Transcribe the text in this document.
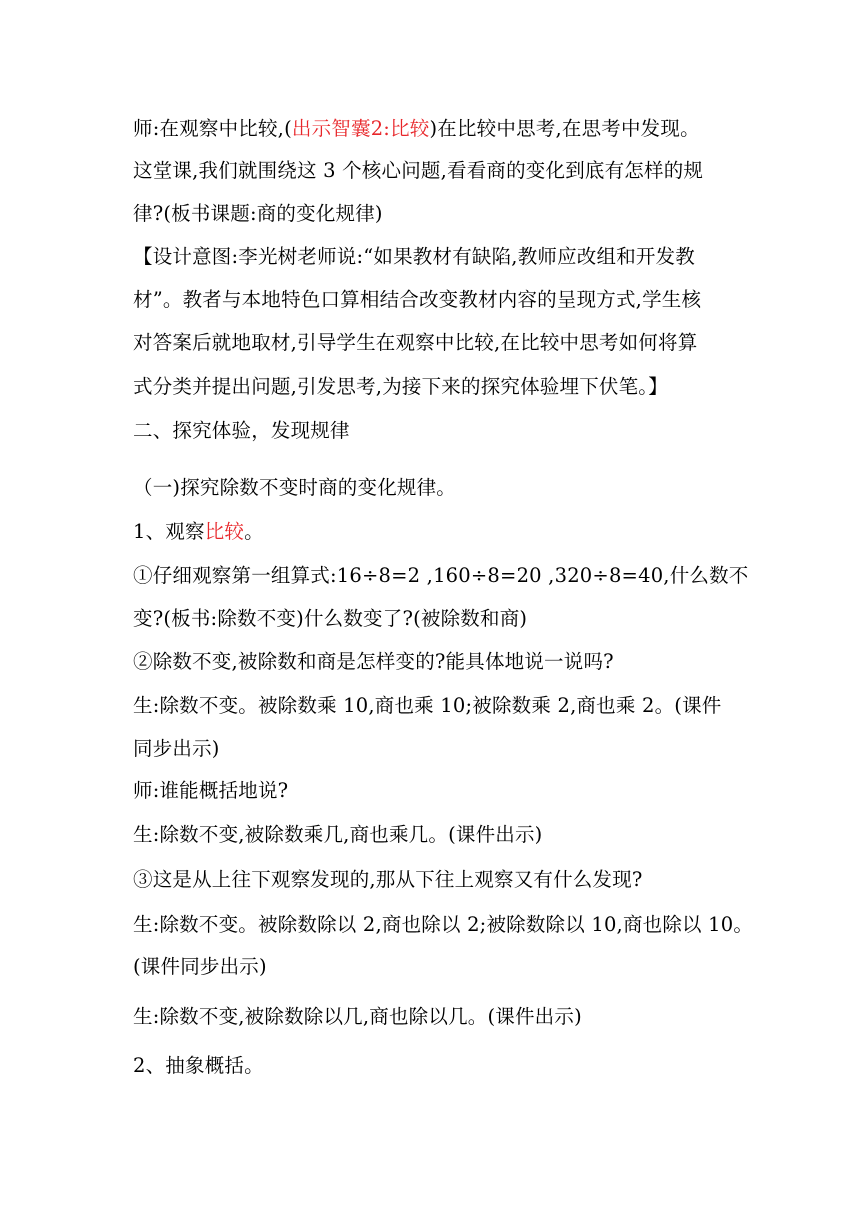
师:在观察中比较,(出示智囊2:比较)在比较中思考,在思考中发现。
这堂课,我们就围绕这 3 个核心问题,看看商的变化到底有怎样的规
律?(板书课题:商的变化规律)
【设计意图:李光树老师说:“如果教材有缺陷,教师应改组和开发教
材”。教者与本地特色口算相结合改变教材内容的呈现方式,学生核
对答案后就地取材,引导学生在观察中比较,在比较中思考如何将算
式分类并提出问题,引发思考,为接下来的探究体验埋下伏笔。】
二、探究体验，发现规律
（一)探究除数不变时商的变化规律。
1、观察比较。
①仔细观察第一组算式:16÷8=2 ,160÷8=20 ,320÷8=40,什么数不
变?(板书:除数不变)什么数变了?(被除数和商)
②除数不变,被除数和商是怎样变的?能具体地说一说吗?
生:除数不变。被除数乘 10,商也乘 10;被除数乘 2,商也乘 2。(课件
同步出示)
师:谁能概括地说?
生:除数不变,被除数乘几,商也乘几。(课件出示)
③这是从上往下观察发现的,那从下往上观察又有什么发现?
生:除数不变。被除数除以 2,商也除以 2;被除数除以 10,商也除以 10。
(课件同步出示)
生:除数不变,被除数除以几,商也除以几。(课件出示)
2、抽象概括。
